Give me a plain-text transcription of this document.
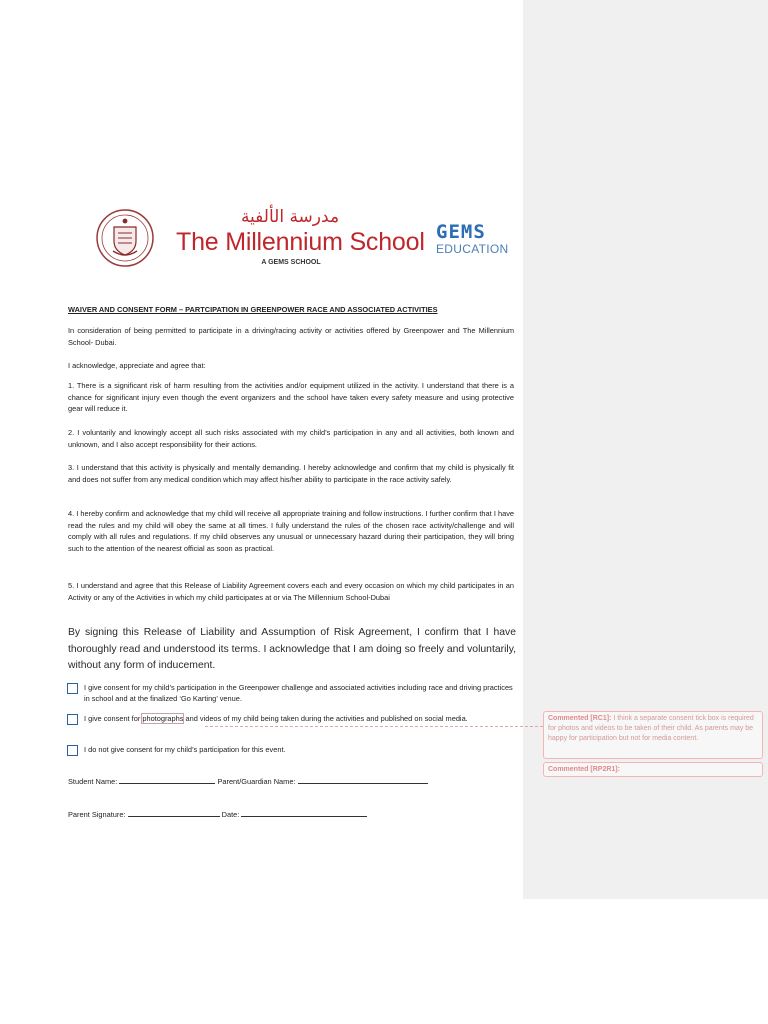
مدرسة الألفية
The Millennium School
A GEMS SCHOOL
GEMS
EDUCATION
WAIVER AND CONSENT FORM – PARTCIPATION IN GREENPOWER RACE AND ASSOCIATED ACTIVITIES

In consideration of being permitted to participate in a driving/racing activity or activities offered by Greenpower and The Millennium School- Dubai.

I acknowledge, appreciate and agree that:

1. There is a significant risk of harm resulting from the activities and/or equipment utilized in the activity. I understand that there is a chance for significant injury even though the event organizers and the school have taken every safety measure and using protective gear will reduce it.

2. I voluntarily and knowingly accept all such risks associated with my child’s participation in any and all activities, both known and unknown, and I also accept responsibility for their actions.

3. I understand that this activity is physically and mentally demanding. I hereby acknowledge and confirm that my child is physically fit and does not suffer from any medical condition which may affect his/her ability to participate in the race activity safely.

4. I hereby confirm and acknowledge that my child will receive all appropriate training and follow instructions. I further confirm that I have read the rules and my child will obey the same at all times. I fully understand the rules of the chosen race activity/challenge and will comply with all rules and regulations. If my child observes any unusual or unnecessary hazard during their participation, they will bring such to the attention of the nearest official as soon as practical.

5. I understand and agree that this Release of Liability Agreement covers each and every occasion on which my child participates in an Activity or any of the Activities in which my child participates at or via The Millennium School-Dubai

By signing this Release of Liability and Assumption of Risk Agreement, I confirm that I have thoroughly read and understood its terms. I acknowledge that I am doing so freely and voluntarily, without any form of inducement.

I give consent for my child’s participation in the Greenpower challenge and associated activities including race and driving practices in school and at the finalized ‘Go Karting’ venue.
I give consent for photographs and videos of my child being taken during the activities and published on social media.
I do not give consent for my child’s participation for this event.
Student Name:	Parent/Guardian Name:
Parent Signature:	Date:
Commented [RC1]: I think a separate consent tick box is required for photos and videos to be taken of their child. As parents may be happy for participation but not for media content.
Commented [RP2R1]:
